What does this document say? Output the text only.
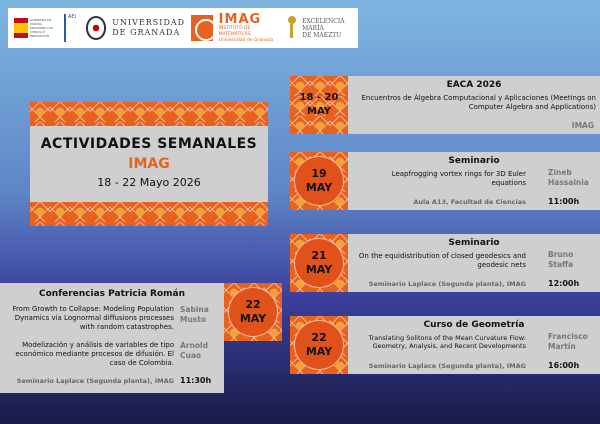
GOBIERNO DE ESPAÑA MINISTERIO DE CIENCIA E INNOVACIÓN
AEI
UNIVERSIDAD DE GRANADA
IMAG
INSTITUTO DE MATEMÁTICAS
Universidad de Granada
EXCELENCIA
MARÍA
DE MAEZTU
ACTIVIDADES SEMANALES
IMAG
18 - 22 Mayo 2026
18 - 20
MAY
EACA 2026
Encuentros de Álgebra Computacional y Aplicaciones (Meetings on Computer Algebra and Applications)
IMAG
19
MAY
Seminario
Leapfrogging vortex rings for 3D Euler equations
Zineb Hassainia
Aula A13, Facultad de Ciencias	11:00h
21
MAY
Seminario
On the equidistribution of closed geodesics and geodesic nets
Bruno Staffa
Seminario Laplace (Segunda planta), IMAG	12:00h
22
MAY
Curso de Geometría
Translating Solitons of the Mean Curvature Flow: Geometry, Analysis, and Recent Developments
Francisco Martín
Seminario Laplace (Segunda planta), IMAG	16:00h
Conferencias Patricia Román
From Growth to Collapse: Modeling Population Dynamics via Lognormal diffusions processes with random catastrophes.
Sabina Musto
Modelización y análisis de variables de tipo económico mediante procesos de difusión. El caso de Colombia.
Arnold Cuao
Seminario Laplace (Segunda planta), IMAG 11:30h
22
MAY
